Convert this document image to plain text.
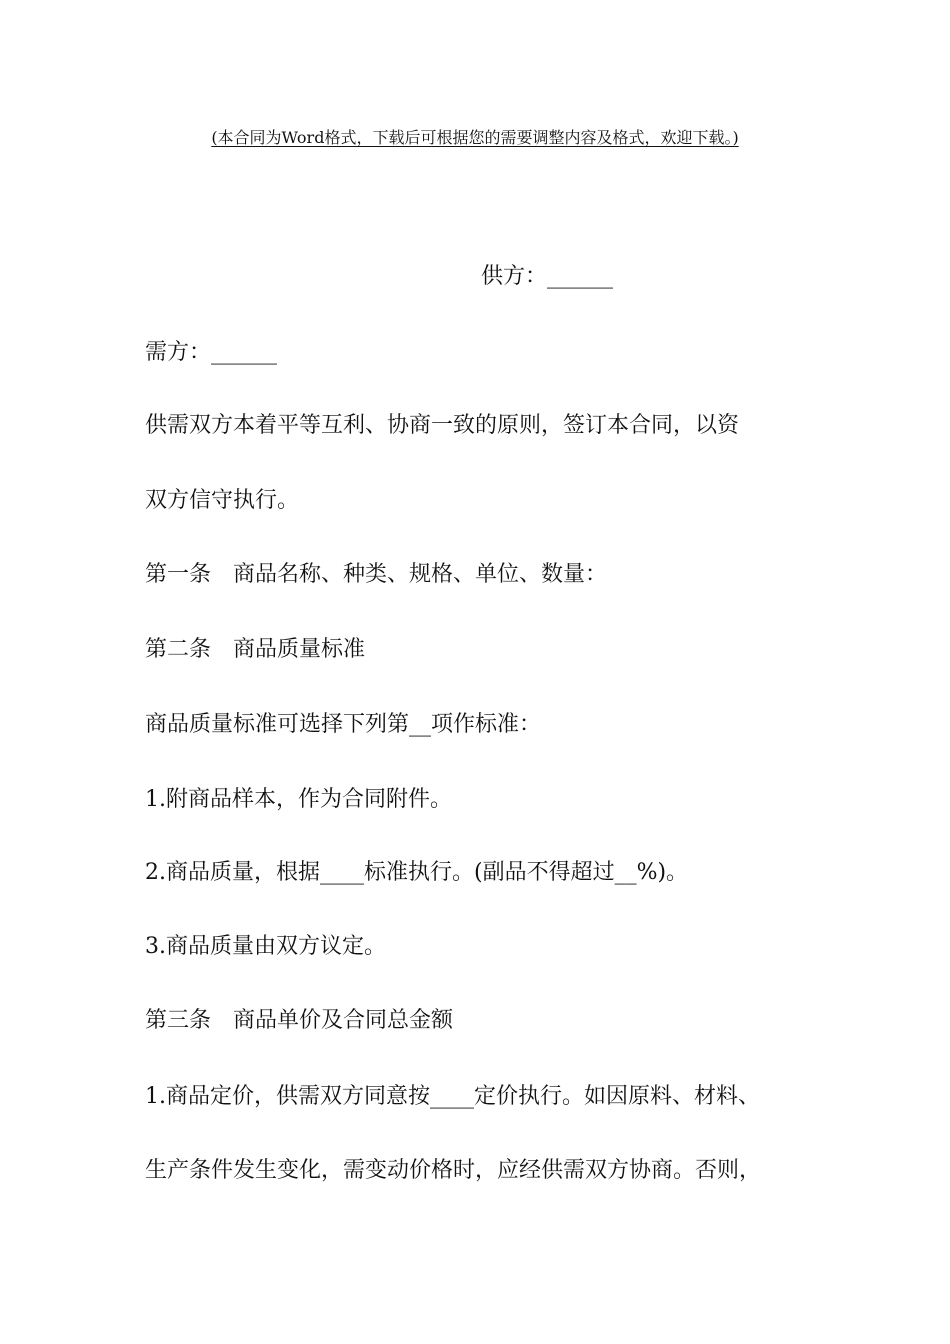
(本合同为Word格式，下载后可根据您的需要调整内容及格式，欢迎下载。)
供方：______
需方：______
供需双方本着平等互利、协商一致的原则，签订本合同，以资
双方信守执行。
第一条　商品名称、种类、规格、单位、数量：
第二条　商品质量标准
商品质量标准可选择下列第__项作标准：
1.附商品样本，作为合同附件。
2.商品质量，根据____标准执行。(副品不得超过__%)。
3.商品质量由双方议定。
第三条　商品单价及合同总金额
1.商品定价，供需双方同意按____定价执行。如因原料、材料、
生产条件发生变化，需变动价格时，应经供需双方协商。否则，
